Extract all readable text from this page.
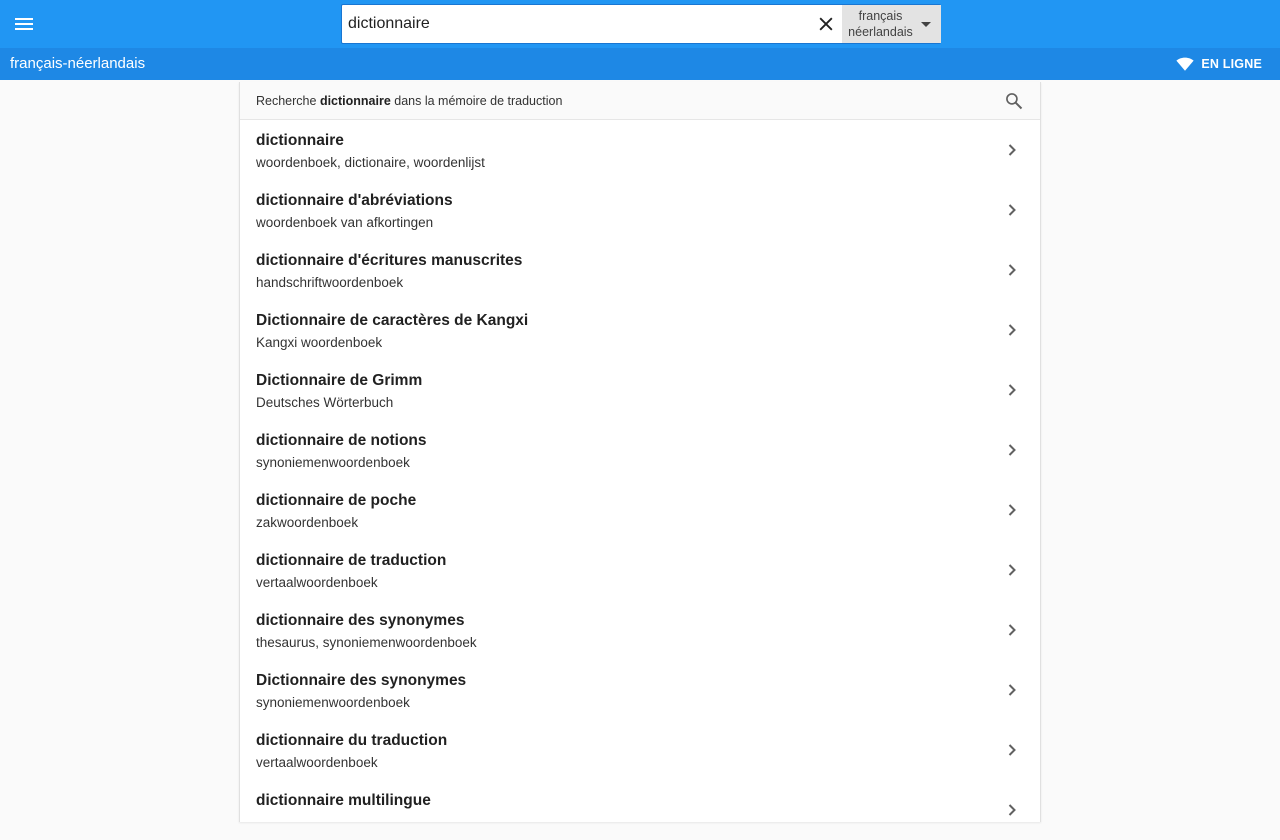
dictionnaire
français
néerlandais
français-néerlandais	EN LIGNE
Recherche dictionnaire dans la mémoire de traduction
dictionnaire
woordenboek, dictionaire, woordenlijst
dictionnaire d'abréviations
woordenboek van afkortingen
dictionnaire d'écritures manuscrites
handschriftwoordenboek
Dictionnaire de caractères de Kangxi
Kangxi woordenboek
Dictionnaire de Grimm
Deutsches Wörterbuch
dictionnaire de notions
synoniemenwoordenboek
dictionnaire de poche
zakwoordenboek
dictionnaire de traduction
vertaalwoordenboek
dictionnaire des synonymes
thesaurus, synoniemenwoordenboek
Dictionnaire des synonymes
synoniemenwoordenboek
dictionnaire du traduction
vertaalwoordenboek
dictionnaire multilingue
